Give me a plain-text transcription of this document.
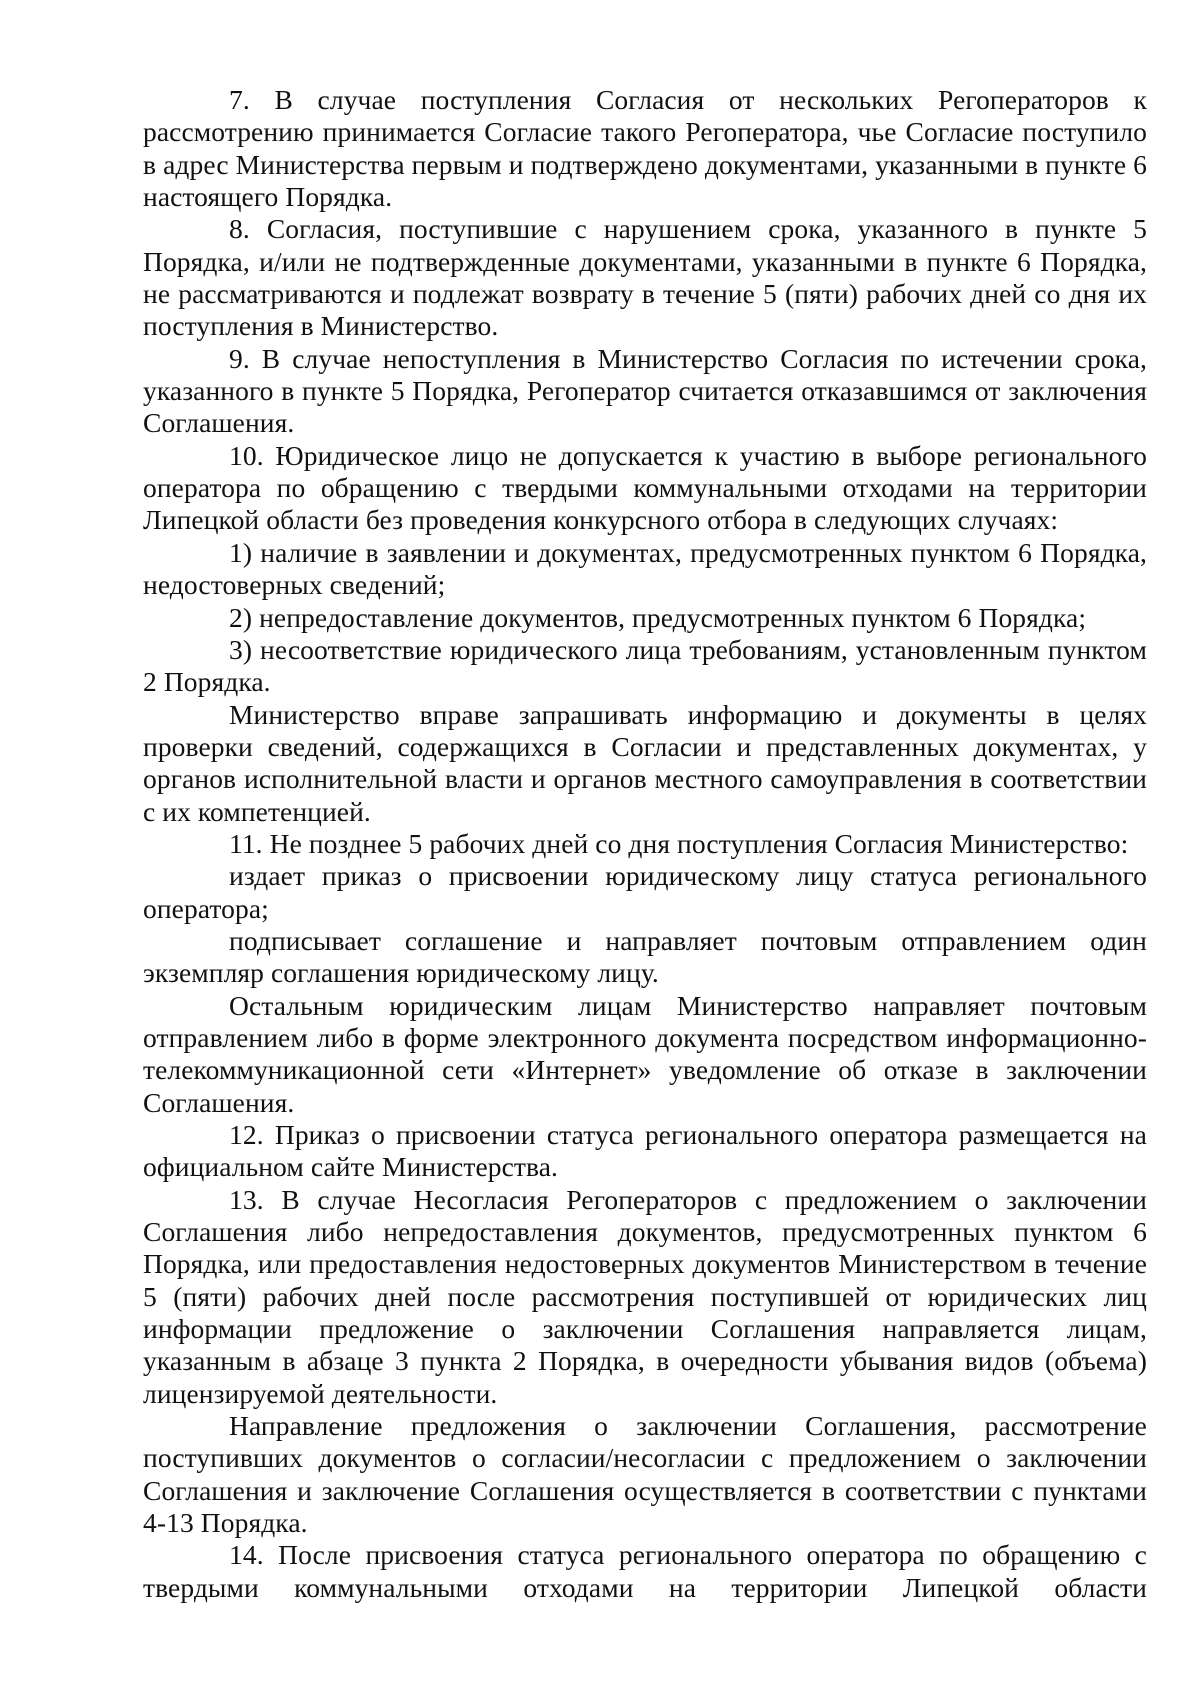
7. В случае поступления Согласия от нескольких Регоператоров к рассмотрению принимается Согласие такого Регоператора, чье Согласие поступило в адрес Министерства первым и подтверждено документами, указанными в пункте 6 настоящего Порядка.

8. Согласия, поступившие с нарушением срока, указанного в пункте 5 Порядка, и/или не подтвержденные документами, указанными в пункте 6 Порядка, не рассматриваются и подлежат возврату в течение 5 (пяти) рабочих дней со дня их поступления в Министерство.

9. В случае непоступления в Министерство Согласия по истечении срока, указанного в пункте 5 Порядка, Регоператор считается отказавшимся от заключения Соглашения.

10. Юридическое лицо не допускается к участию в выборе регионального оператора по обращению с твердыми коммунальными отходами на территории Липецкой области без проведения конкурсного отбора в следующих случаях:

1) наличие в заявлении и документах, предусмотренных пунктом 6 Порядка, недостоверных сведений;

2) непредоставление документов, предусмотренных пунктом 6 Порядка;

3) несоответствие юридического лица требованиям, установленным пунктом 2 Порядка.

Министерство вправе запрашивать информацию и документы в целях проверки сведений, содержащихся в Согласии и представленных документах, у органов исполнительной власти и органов местного самоуправления в соответствии с их компетенцией.

11. Не позднее 5 рабочих дней со дня поступления Согласия Министерство:

издает приказ о присвоении юридическому лицу статуса регионального оператора;

подписывает соглашение и направляет почтовым отправлением один экземпляр соглашения юридическому лицу.

Остальным юридическим лицам Министерство направляет почтовым отправлением либо в форме электронного документа посредством информационно-телекоммуникационной сети «Интернет» уведомление об отказе в заключении Соглашения.

12. Приказ о присвоении статуса регионального оператора размещается на официальном сайте Министерства.

13. В случае Несогласия Регоператоров с предложением о заключении Соглашения либо непредоставления документов, предусмотренных пунктом 6 Порядка, или предоставления недостоверных документов Министерством в течение 5 (пяти) рабочих дней после рассмотрения поступившей от юридических лиц информации предложение о заключении Соглашения направляется лицам, указанным в абзаце 3 пункта 2 Порядка, в очередности убывания видов (объема) лицензируемой деятельности.

Направление предложения о заключении Соглашения, рассмотрение поступивших документов о согласии/несогласии с предложением о заключении Соглашения и заключение Соглашения осуществляется в соответствии с пунктами 4-13 Порядка.

14. После присвоения статуса регионального оператора по обращению с твердыми коммунальными отходами на территории Липецкой области
